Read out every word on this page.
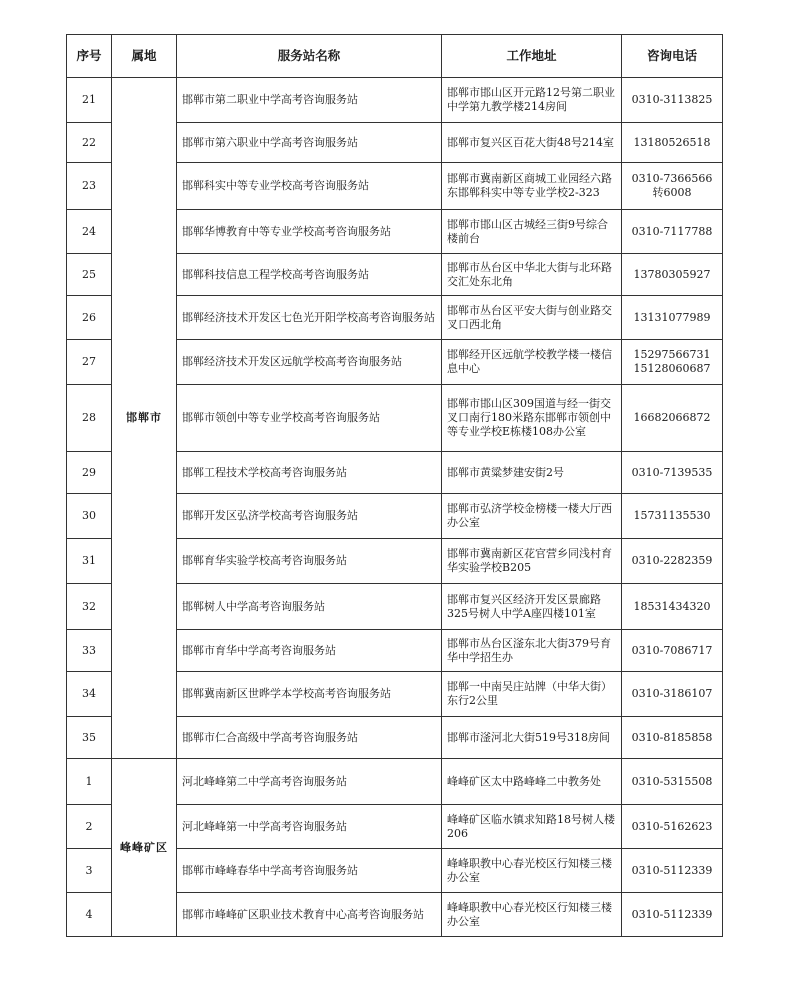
序号	属地	服务站名称	工作地址	咨询电话
21	邯郸市	邯郸市第二职业中学高考咨询服务站	邯郸市邯山区开元路12号第二职业中学第九教学楼214房间	0310-3113825
22		邯郸市第六职业中学高考咨询服务站	邯郸市复兴区百花大街48号214室	13180526518
23		邯郸科实中等专业学校高考咨询服务站	邯郸市冀南新区商城工业园经六路东邯郸科实中等专业学校2-323	0310-7366566转6008
24		邯郸华博教育中等专业学校高考咨询服务站	邯郸市邯山区古城经三街9号综合楼前台	0310-7117788
25		邯郸科技信息工程学校高考咨询服务站	邯郸市丛台区中华北大街与北环路交汇处东北角	13780305927
26		邯郸经济技术开发区七色光开阳学校高考咨询服务站	邯郸市丛台区平安大街与创业路交叉口西北角	13131077989
27		邯郸经济技术开发区远航学校高考咨询服务站	邯郸经开区远航学校教学楼一楼信息中心	15297566731 15128060687
28		邯郸市领创中等专业学校高考咨询服务站	邯郸市邯山区309国道与经一街交叉口南行180米路东邯郸市领创中等专业学校E栋楼108办公室	16682066872
29		邯郸工程技术学校高考咨询服务站	邯郸市黄粱梦建安街2号	0310-7139535
30		邯郸开发区弘济学校高考咨询服务站	邯郸市弘济学校金榜楼一楼大厅西办公室	15731135530
31		邯郸育华实验学校高考咨询服务站	邯郸市冀南新区花官营乡同浅村育华实验学校B205	0310-2282359
32		邯郸树人中学高考咨询服务站	邯郸市复兴区经济开发区景廊路325号树人中学A座四楼101室	18531434320
33		邯郸市育华中学高考咨询服务站	邯郸市丛台区滏东北大街379号育华中学招生办	0310-7086717
34		邯郸冀南新区世晔学本学校高考咨询服务站	邯郸一中南吴庄站牌（中华大街）东行2公里	0310-3186107
35		邯郸市仁合高级中学高考咨询服务站	邯郸市滏河北大街519号318房间	0310-8185858
1	峰峰矿区	河北峰峰第二中学高考咨询服务站	峰峰矿区太中路峰峰二中教务处	0310-5315508
2		河北峰峰第一中学高考咨询服务站	峰峰矿区临水镇求知路18号树人楼206	0310-5162623
3		邯郸市峰峰春华中学高考咨询服务站	峰峰职教中心春光校区行知楼三楼办公室	0310-5112339
4		邯郸市峰峰矿区职业技术教育中心高考咨询服务站	峰峰职教中心春光校区行知楼三楼办公室	0310-5112339
